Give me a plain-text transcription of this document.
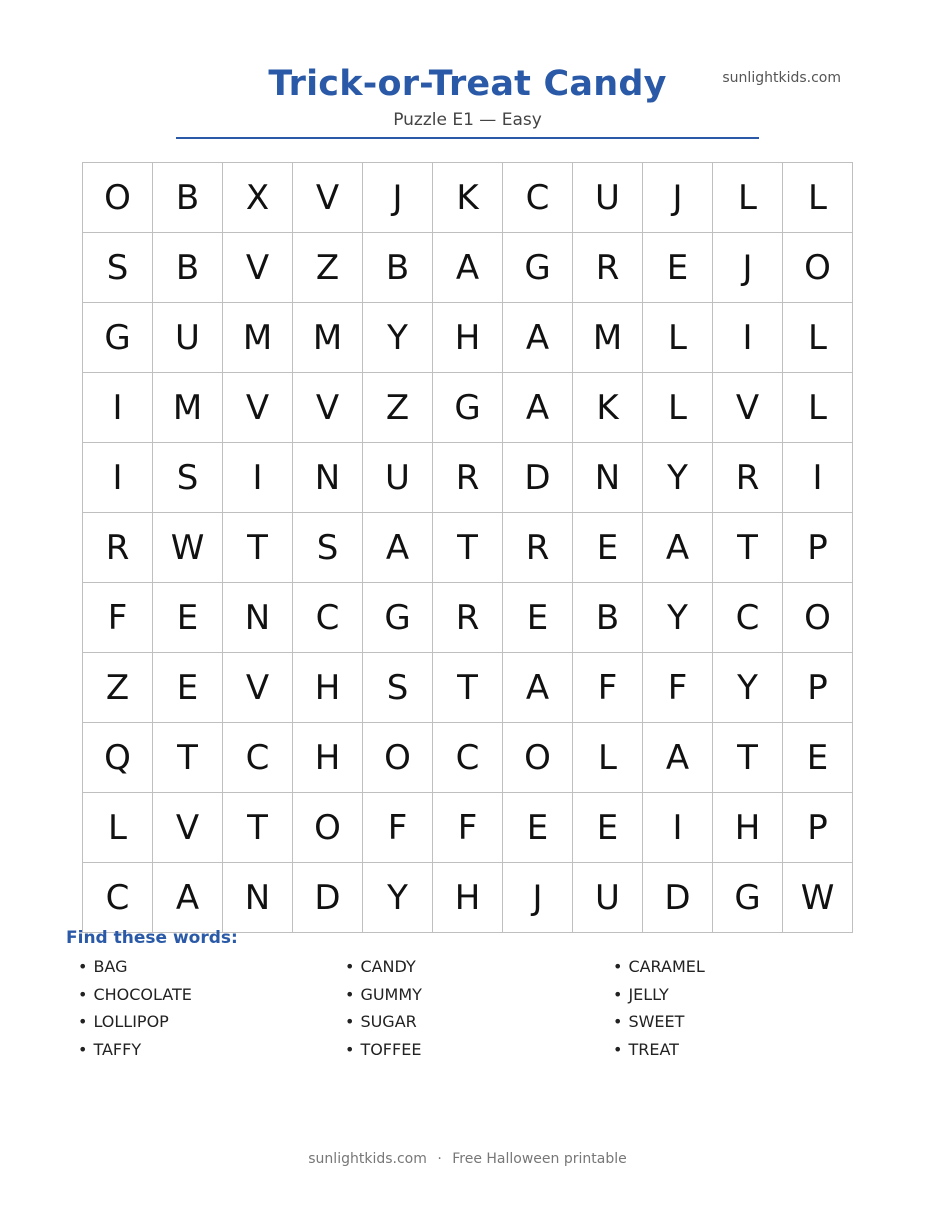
Trick-or-Treat Candy	sunlightkids.com
Puzzle E1 — Easy
O	B	X	V	J	K	C	U	J	L	L
S	B	V	Z	B	A	G	R	E	J	O
G	U	M	M	Y	H	A	M	L	I	L
I	M	V	V	Z	G	A	K	L	V	L
I	S	I	N	U	R	D	N	Y	R	I
R	W	T	S	A	T	R	E	A	T	P
F	E	N	C	G	R	E	B	Y	C	O
Z	E	V	H	S	T	A	F	F	Y	P
Q	T	C	H	O	C	O	L	A	T	E
L	V	T	O	F	F	E	E	I	H	P
C	A	N	D	Y	H	J	U	D	G	W
Find these words:
• BAG
• CHOCOLATE
• LOLLIPOP
• TAFFY
• CANDY
• GUMMY
• SUGAR
• TOFFEE
• CARAMEL
• JELLY
• SWEET
• TREAT
sunlightkids.com · Free Halloween printable
